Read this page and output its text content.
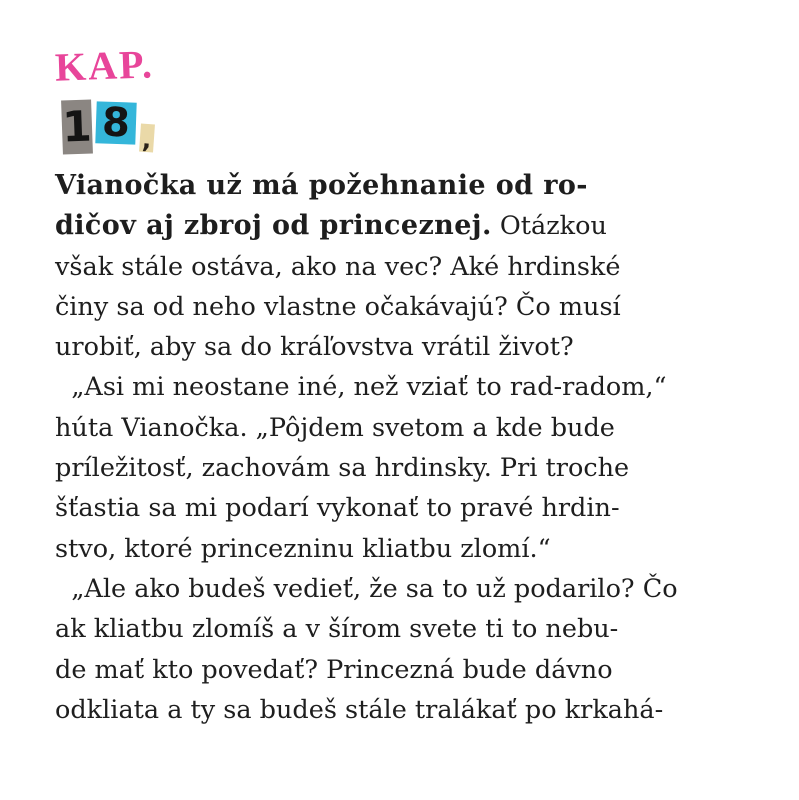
KAP.
1 8 ,
Vianočka už má požehnanie od ro-
dičov aj zbroj od princeznej. Otázkou
však stále ostáva, ako na vec? Aké hrdinské
činy sa od neho vlastne očakávajú? Čo musí
urobiť, aby sa do kráľovstva vrátil život?
„Asi mi neostane iné, než vziať to rad-radom,“
húta Vianočka. „Pôjdem svetom a kde bude
príležitosť, zachovám sa hrdinsky. Pri troche
šťastia sa mi podarí vykonať to pravé hrdin-
stvo, ktoré princezninu kliatbu zlomí.“
„Ale ako budeš vedieť, že sa to už podarilo? Čo
ak kliatbu zlomíš a v šírom svete ti to nebu-
de mať kto povedať? Princezná bude dávno
odkliata a ty sa budeš stále tralákať po krkahá-
